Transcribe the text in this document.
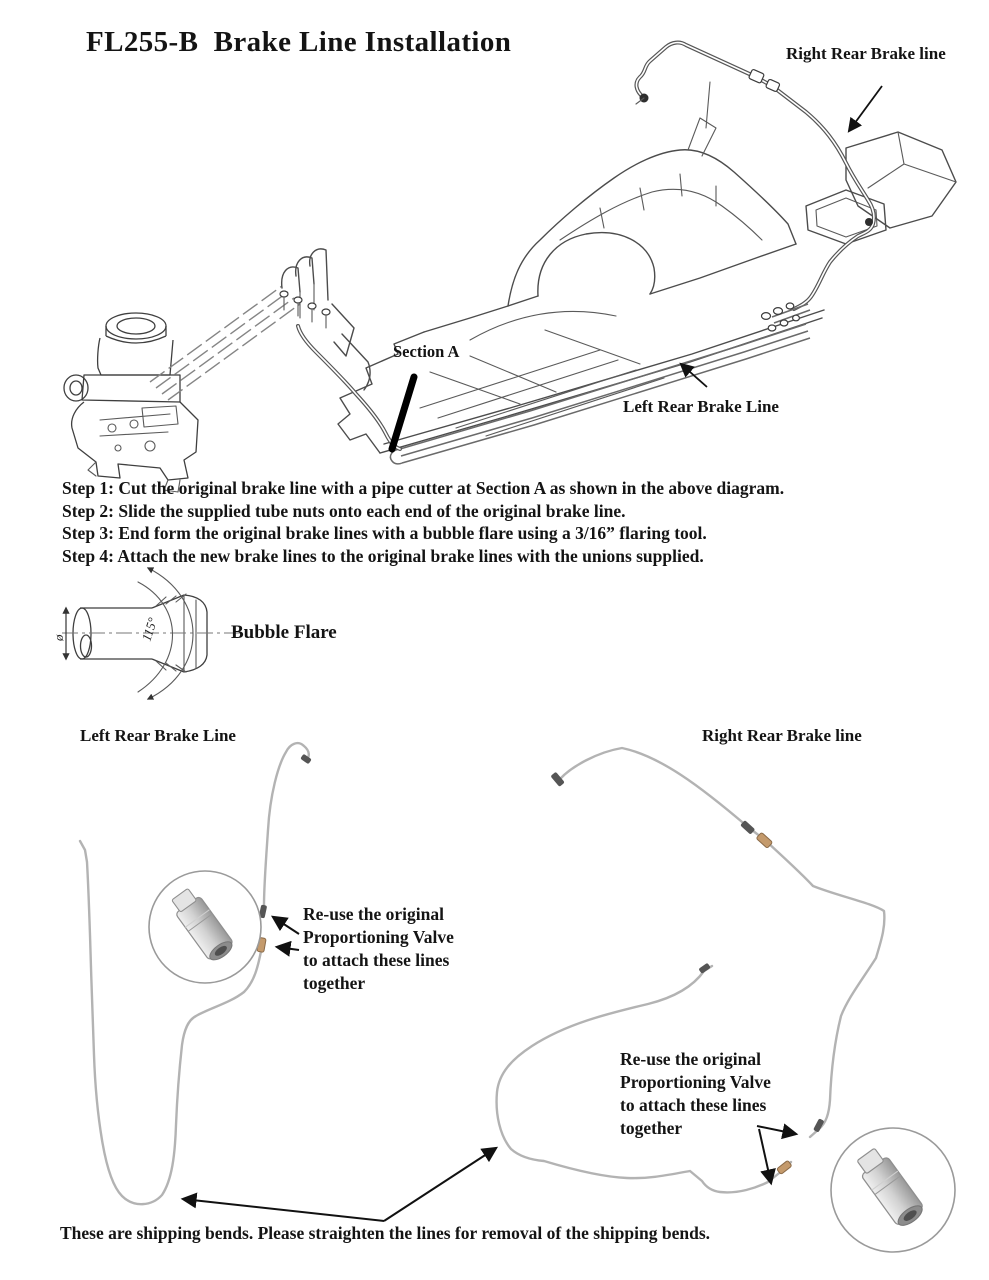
115°
ø
FL255-B  Brake Line Installation	Right Rear Brake line
Section A
Left Rear Brake Line
Step 1: Cut the original brake line with a pipe cutter at Section A as shown in the above diagram.
Step 2: Slide the supplied tube nuts onto each end of the original brake line.
Step 3: End form the original brake lines with a bubble flare using a 3/16” flaring tool.
Step 4: Attach the new brake lines to the original brake lines with the unions supplied.
Bubble Flare
Left Rear Brake Line	Right Rear Brake line
Re-use the original
Proportioning Valve
to attach these lines
together
Re-use the original
Proportioning Valve
to attach these lines
together
These are shipping bends. Please straighten the lines for removal of the shipping bends.
